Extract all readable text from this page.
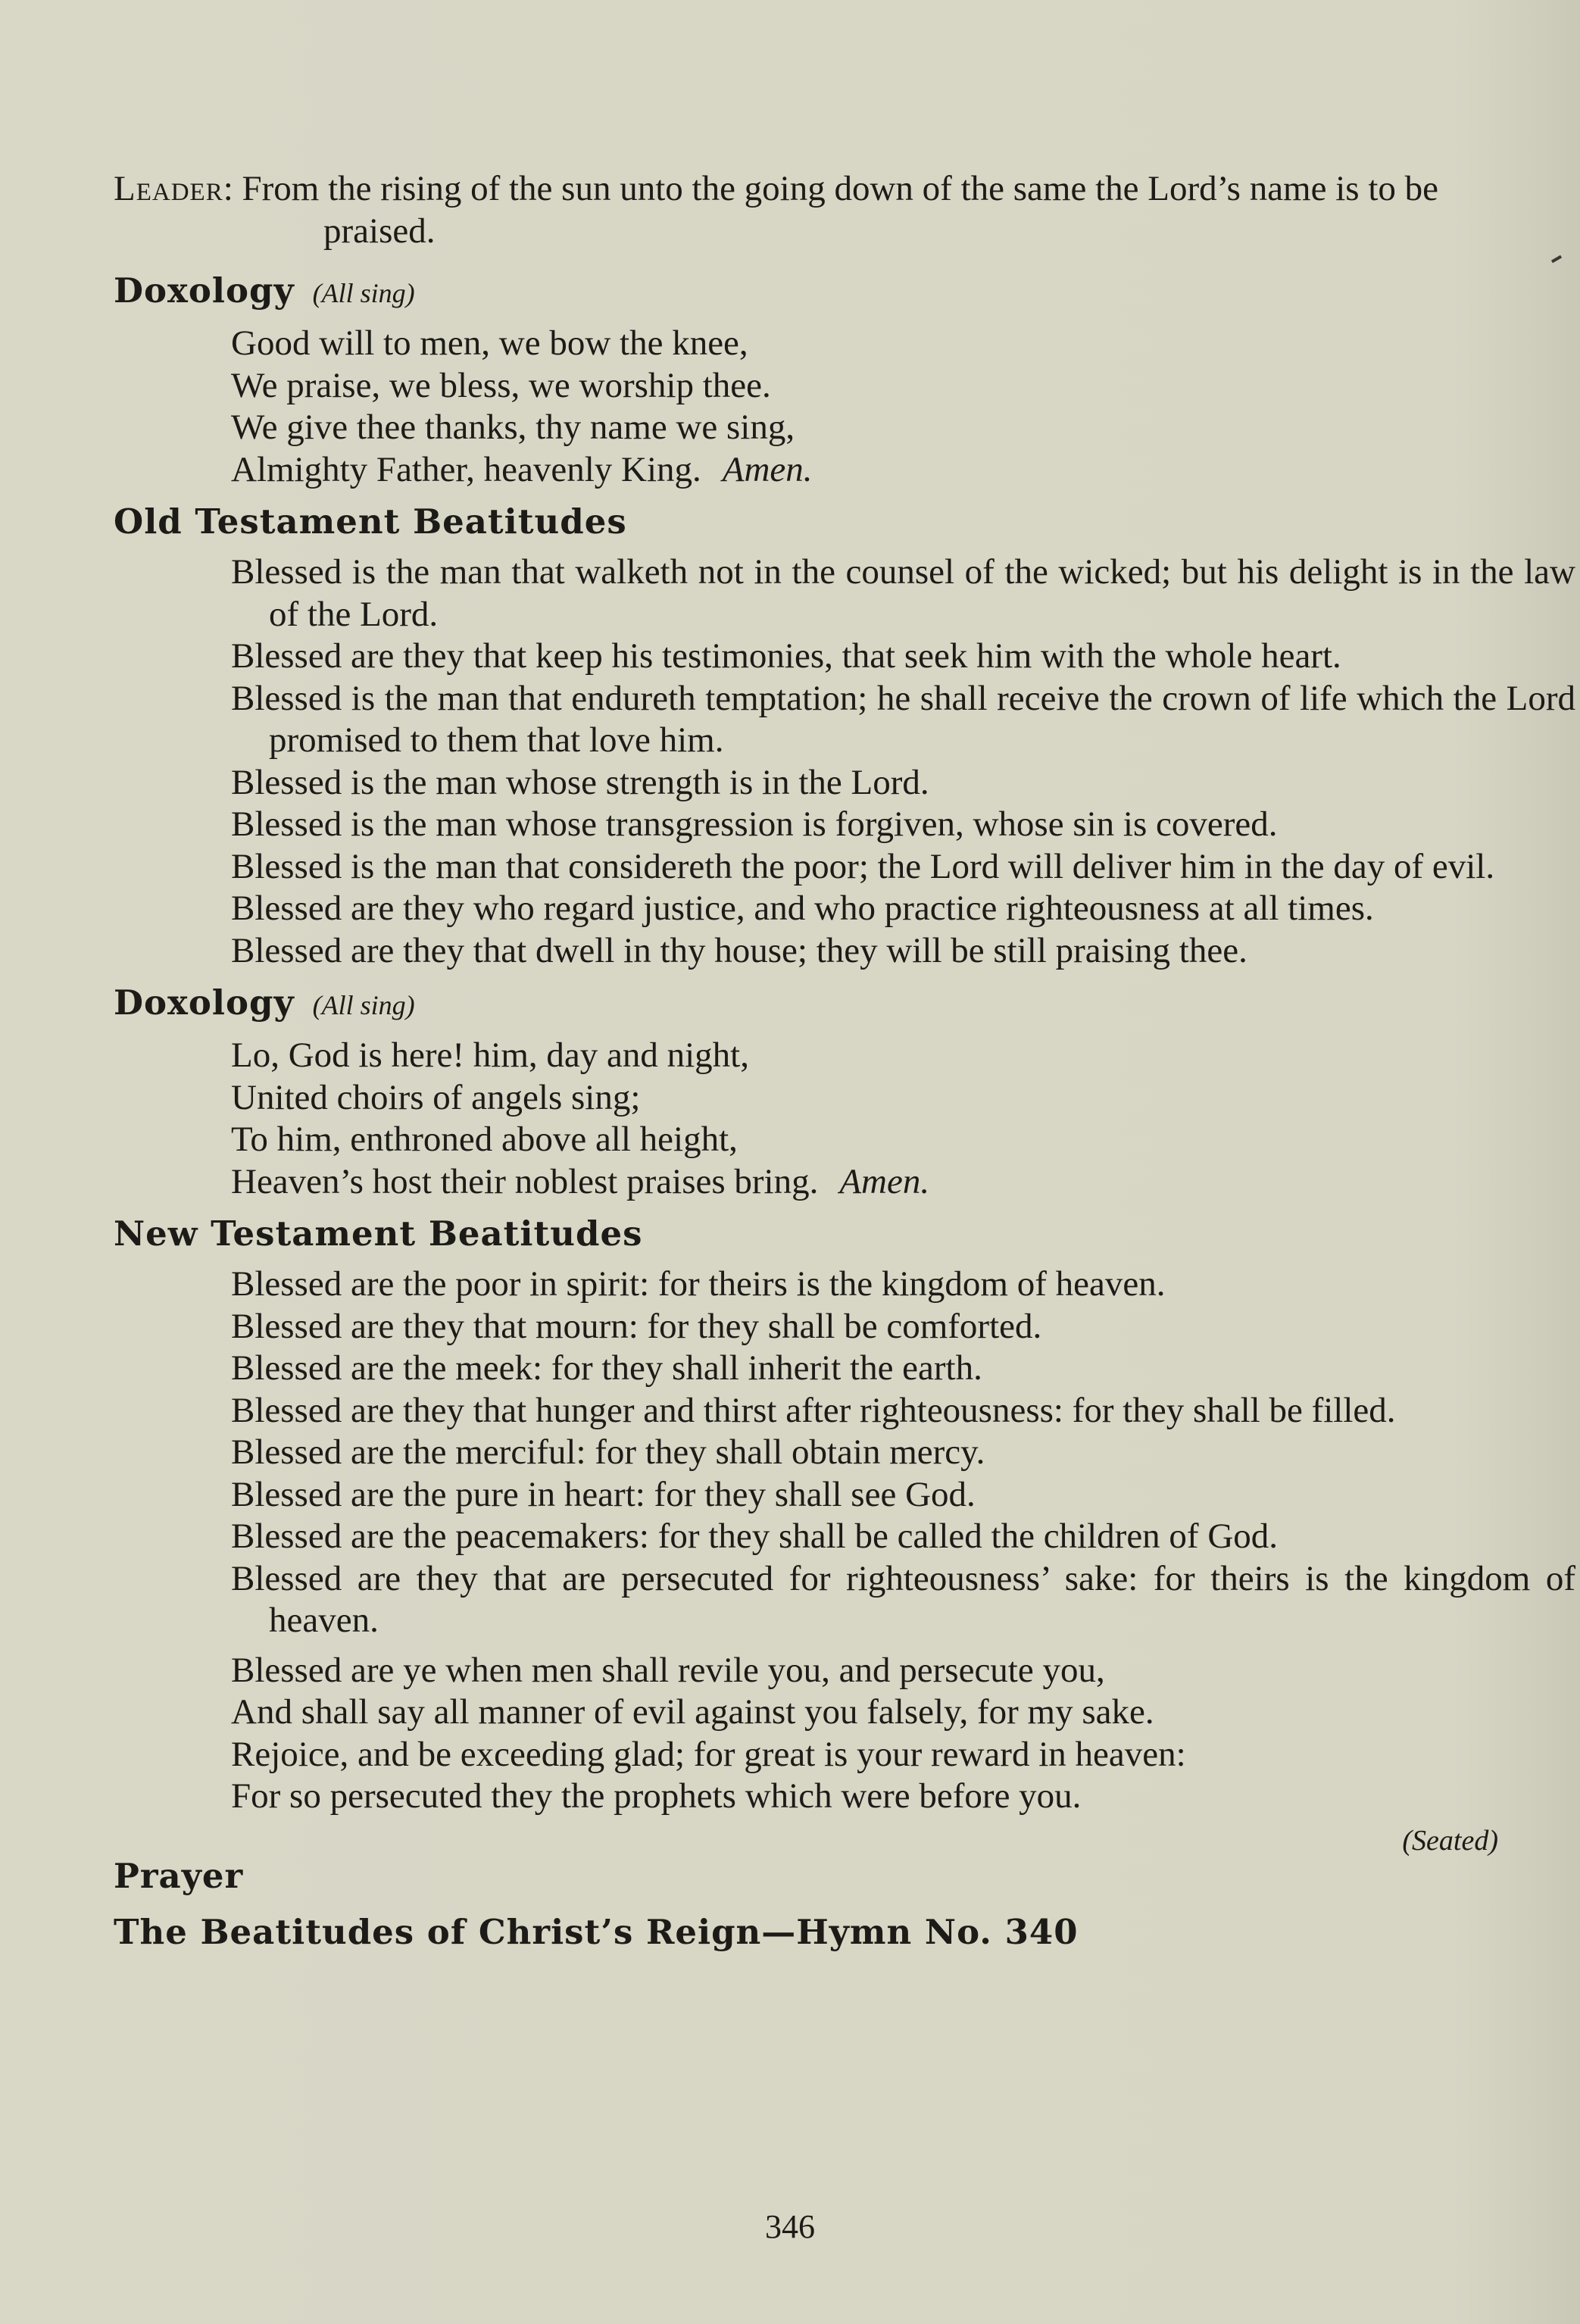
Leader: From the rising of the sun unto the going down of the same the Lord’s name is to be praised.

Doxology (All sing)
Good will to men, we bow the knee,
We praise, we bless, we worship thee.
We give thee thanks, thy name we sing,
Almighty Father, heavenly King. Amen.
Old Testament Beatitudes

Blessed is the man that walketh not in the counsel of the wicked; but his delight is in the law of the Lord.

Blessed are they that keep his testimonies, that seek him with the whole heart.

Blessed is the man that endureth temptation; he shall receive the crown of life which the Lord promised to them that love him.

Blessed is the man whose strength is in the Lord.

Blessed is the man whose transgression is forgiven, whose sin is covered.

Blessed is the man that considereth the poor; the Lord will deliver him in the day of evil.

Blessed are they who regard justice, and who practice righteousness at all times.

Blessed are they that dwell in thy house; they will be still praising thee.

Doxology (All sing)
Lo, God is here! him, day and night,
United choirs of angels sing;
To him, enthroned above all height,
Heaven’s host their noblest praises bring. Amen.
New Testament Beatitudes

Blessed are the poor in spirit: for theirs is the kingdom of heaven.

Blessed are they that mourn: for they shall be comforted.

Blessed are the meek: for they shall inherit the earth.

Blessed are they that hunger and thirst after righteousness: for they shall be filled.

Blessed are the merciful: for they shall obtain mercy.

Blessed are the pure in heart: for they shall see God.

Blessed are the peacemakers: for they shall be called the children of God.

Blessed are they that are persecuted for righteousness’ sake: for theirs is the kingdom of heaven.

Blessed are ye when men shall revile you, and persecute you,

And shall say all manner of evil against you falsely, for my sake.

Rejoice, and be exceeding glad; for great is your reward in heaven:

For so persecuted they the prophets which were before you.

(Seated)
Prayer
The Beatitudes of Christ’s Reign—Hymn No. 340
346
